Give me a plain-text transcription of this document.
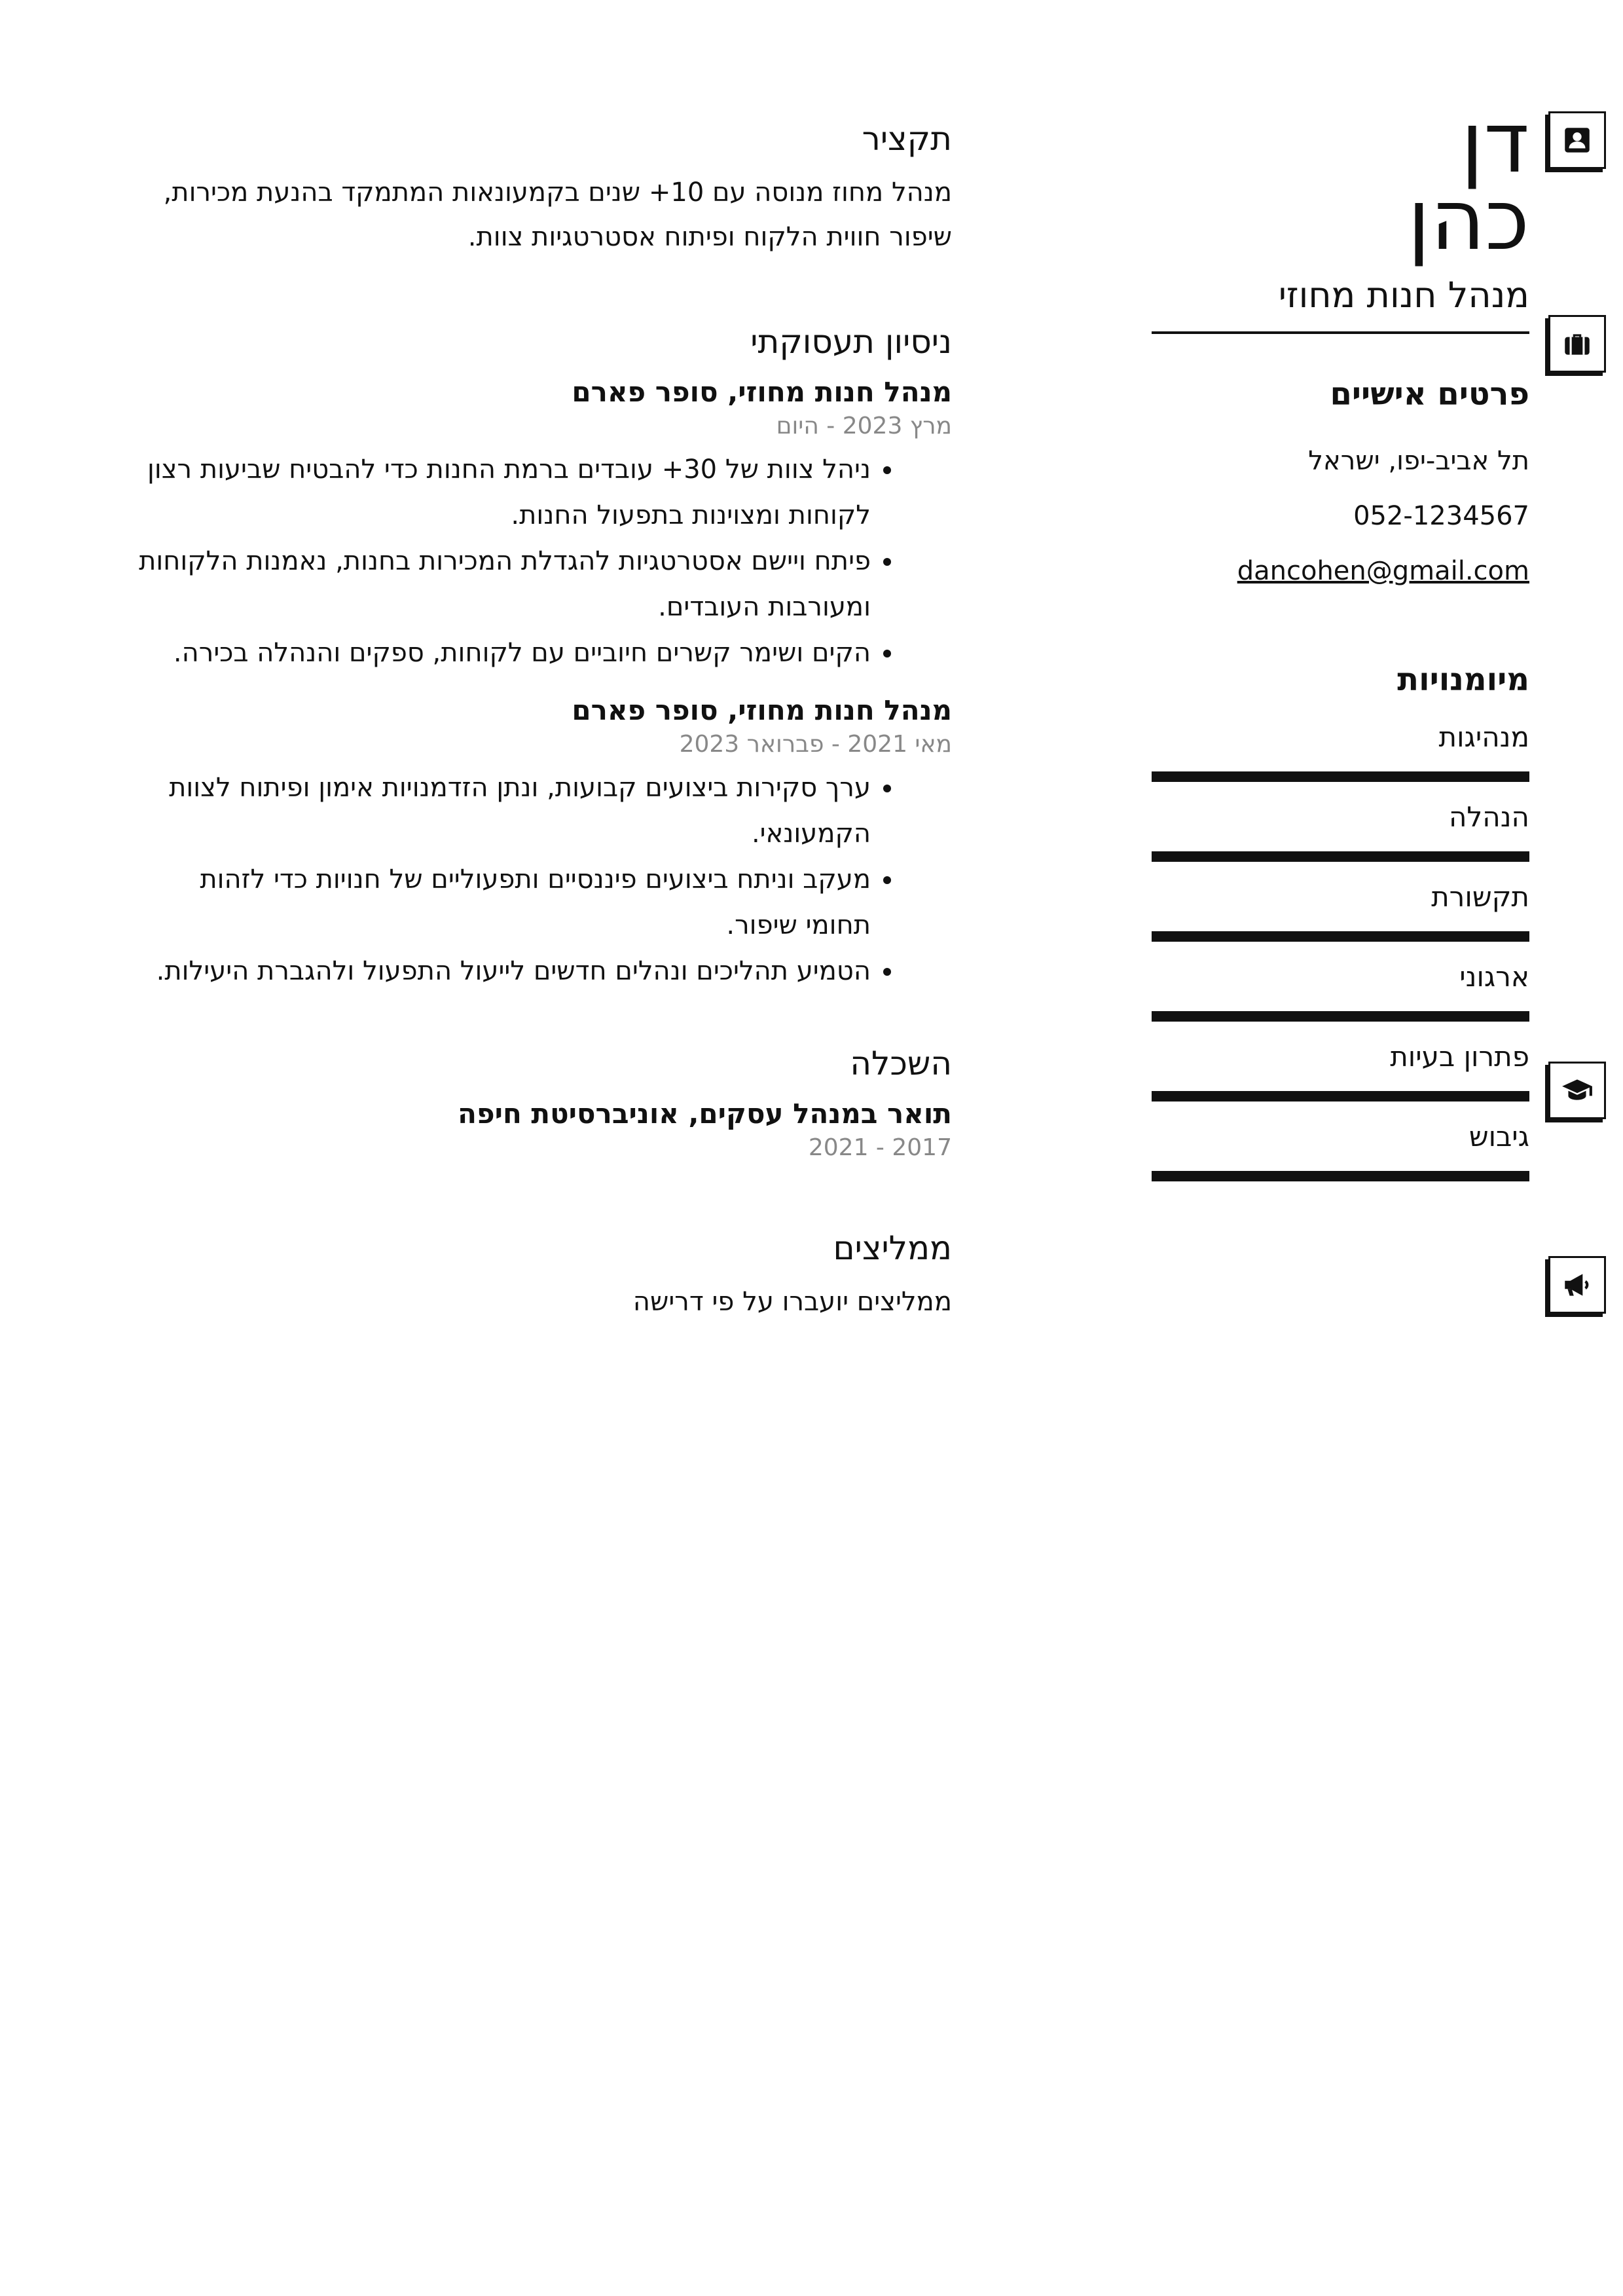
דן
כהן
מנהל חנות מחוזי
פרטים אישיים
תל אביב-יפו, ישראל
052-1234567
dancohen@gmail.com
מיומנויות
מנהיגות
הנהלה
תקשורת
ארגוני
פתרון בעיות
גיבוש
תקציר

מנהל מחוז מנוסה עם 10+ שנים בקמעונאות המתמקד בהנעת מכירות, שיפור חווית הלקוח ופיתוח אסטרטגיות צוות.

ניסיון תעסוקתי
מנהל חנות מחוזי, סופר פארם
מרץ 2023 - היום
• ניהל צוות של 30+ עובדים ברמת החנות כדי להבטיח שביעות רצון לקוחות ומצוינות בתפעול החנות.
• פיתח ויישם אסטרטגיות להגדלת המכירות בחנות, נאמנות הלקוחות ומעורבות העובדים.
• הקים ושימר קשרים חיוביים עם לקוחות, ספקים והנהלה בכירה.
מנהל חנות מחוזי, סופר פארם
מאי 2021 - פברואר 2023
• ערך סקירות ביצועים קבועות, ונתן הזדמנויות אימון ופיתוח לצוות הקמעונאי.
• מעקב וניתח ביצועים פיננסיים ותפעוליים של חנויות כדי לזהות תחומי שיפור.
• הטמיע תהליכים ונהלים חדשים לייעול התפעול ולהגברת היעילות.
השכלה
תואר במנהל עסקים, אוניברסיטת חיפה
2017 - 2021
ממליצים

ממליצים יועברו על פי דרישה
